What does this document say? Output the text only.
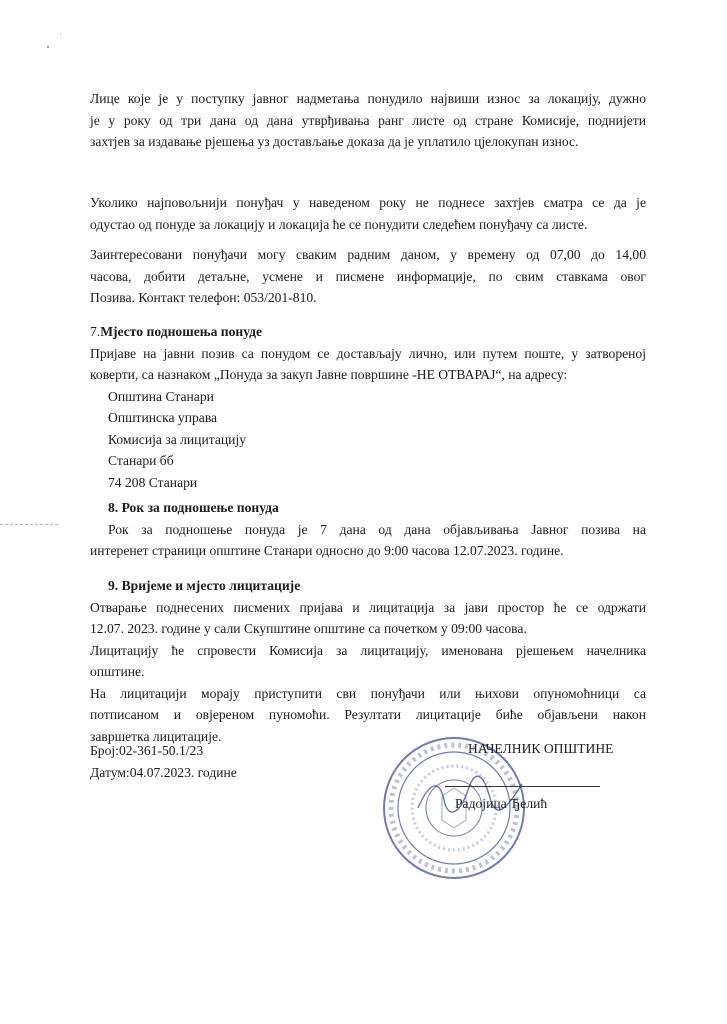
Лице које је у поступку јавног надметања понудило највиши износ за локацију, дужно
је у року од три дана од дана утврђивања ранг листе од стране Комисије, поднијети
захтјев за издавање рјешења уз достављање доказа да је уплатило цјелокупан износ.
Уколико најповољнији понуђач у наведеном року не поднесе захтјев сматра се да је
одустао од понуде за локацију и локација ће се понудити следећем понуђачу са листе.
Заинтересовани понуђачи могу сваким радним даном, у времену од 07,00 до 14,00
часова, добити детаљне, усмене и писмене информације, по свим ставкама овог
Позива. Контакт телефон: 053/201-810.
7.Мјесто подношења понуде
Пријаве на јавни позив са понудом се достављају лично, или путем поште, у затвореној
коверти, са назнаком „Понуда за закуп Јавне површине -НЕ ОТВАРАЈ“, на адресу:
Општина Станари
Општинска управа
Комисија за лицитацију
Станари бб
74 208 Станари
8. Рок за подношење понуда
Рок за подношење понуда је 7 дана од дана објављивања Јавног позива на
интеренет страници општине Станари односно до 9:00 часова 12.07.2023. године.
9. Вријеме и мјесто лицитације
Отварање поднесених писмених пријава и лицитација за јави простор ће се одржати
12.07. 2023. године у сали Скупштине општине са почетком у 09:00 часова.
Лицитацију ће спровести Комисија за лицитацију, именована рјешењем начелника
општине.
На лицитацији морају приступити сви понуђачи или њихови опуномоћници са
потписаном и овјереном пуномоћи. Резултати лицитације биће објављени након
завршетка лицитације.
Број:02-361-50.1/23
Датум:04.07.2023. године
НАЧЕЛНИК ОПШТИНЕ
Радојица Ђелић
